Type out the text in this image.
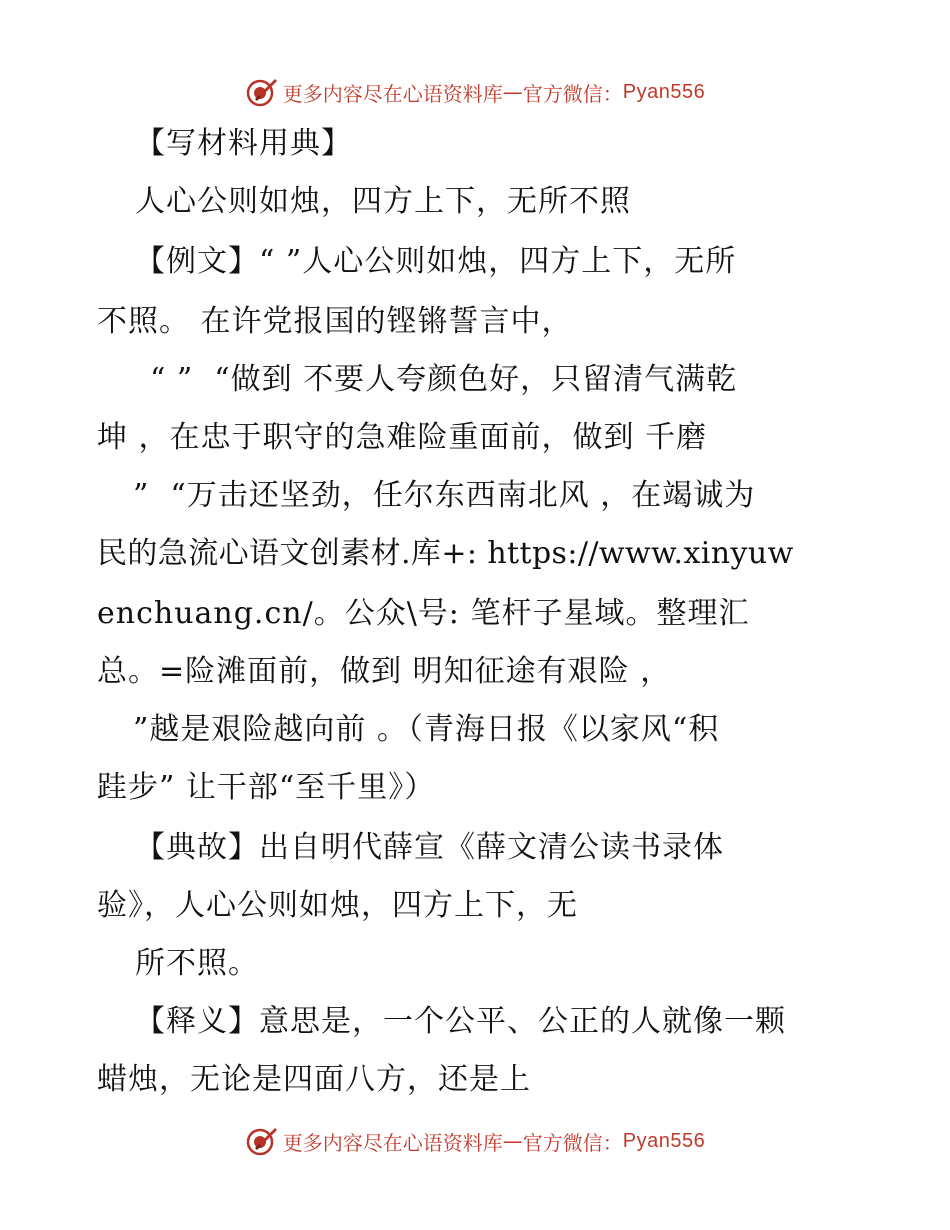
更多内容尽在心语资料库 — 官方微信： Pyan556
【写材料用典】
人心公则如烛，四方上下，无所不照
【例文】“ ”人心公则如烛，四方上下，无所
不照。 在许党报国的铿锵誓言中，
“ ”  “做到 不要人夸颜色好，只留清气满乾
坤 ，在忠于职守的急难险重面前，做到 千磨
”  “万击还坚劲，任尔东西南北风 ，在竭诚为
民的急流心语文创素材.库+: https://www.xinyuw
enchuang.cn/。公众\号: 笔杆子星域。整理汇
总。=险滩面前，做到 明知征途有艰险 ，
”越是艰险越向前 。（青海日报《以家风“积
跬步” 让干部“至千里》）
【典故】出自明代薛宣《薛文清公读书录体
验》，人心公则如烛，四方上下，无
所不照。
【释义】意思是，一个公平、公正的人就像一颗
蜡烛，无论是四面八方，还是上
更多内容尽在心语资料库 — 官方微信： Pyan556
